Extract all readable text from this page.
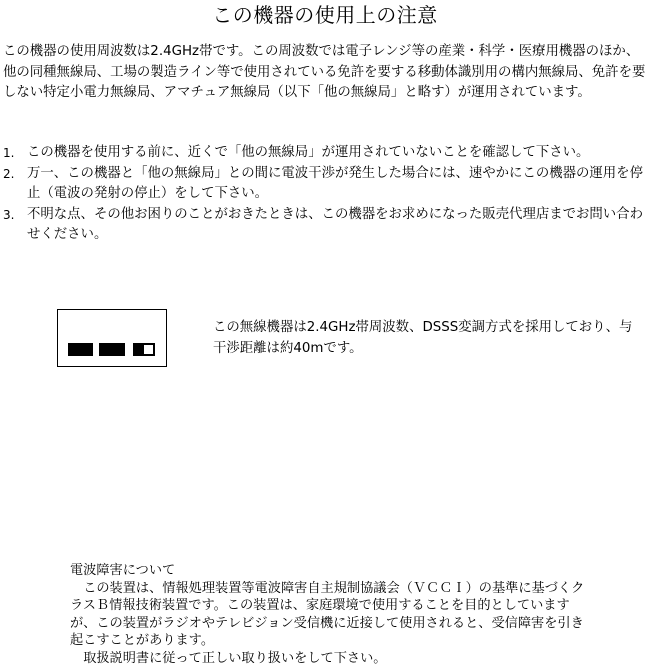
この機器の使用上の注意

この機器の使用周波数は2.4GHz帯です。この周波数では電子レンジ等の産業・科学・医療用機器のほか、他の同種無線局、工場の製造ライン等で使用されている免許を要する移動体識別用の構内無線局、免許を要しない特定小電力無線局、アマチュア無線局（以下「他の無線局」と略す）が運用されています。

1. この機器を使用する前に、近くで「他の無線局」が運用されていないことを確認して下さい。
2. 万一、この機器と「他の無線局」との間に電波干渉が発生した場合には、速やかにこの機器の運用を停止（電波の発射の停止）をして下さい。
3. 不明な点、その他お困りのことがおきたときは、この機器をお求めになった販売代理店までお問い合わせください。

この無線機器は2.4GHz帯周波数、DSSS変調方式を採用しており、与干渉距離は約40mです。

電波障害について

この装置は、情報処理装置等電波障害自主規制協議会（ＶＣＣＩ）の基準に基づくクラスＢ情報技術装置です。この装置は、家庭環境で使用することを目的としていますが、この装置がラジオやテレビジョン受信機に近接して使用されると、受信障害を引き起こすことがあります。

取扱説明書に従って正しい取り扱いをして下さい。
